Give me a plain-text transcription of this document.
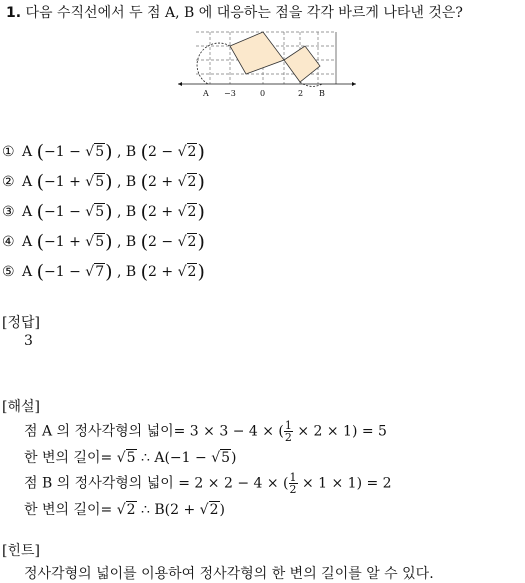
1. 다음 수직선에서 두 점 A, B 에 대응하는 점을 각각 바르게 나타낸 것은?
A −3	0	2 B
① A (−1 − √5) , B (2 − √2)
② A (−1 + √5) , B (2 + √2)
③ A (−1 − √5) , B (2 + √2)
④ A (−1 + √5) , B (2 − √2)
⑤ A (−1 − √7) , B (2 + √2)
[정답]
3
[해설]
점 A 의 정사각형의 넓이= 3 × 3 − 4 × ( $\frac{1}{2} \times 2 \times 1) = 5$
한 변의 길이= √5 ∴ A(−1 − √5)
점 B 의 정사각형의 넓이 = 2 × 2 − 4 × ( $\frac{1}{2} \times 1 \times 1) = 2$
한 변의 길이= √2 ∴ B(2 + √2)
[힌트]
정사각형의 넓이를 이용하여 정사각형의 한 변의 길이를 알 수 있다.
